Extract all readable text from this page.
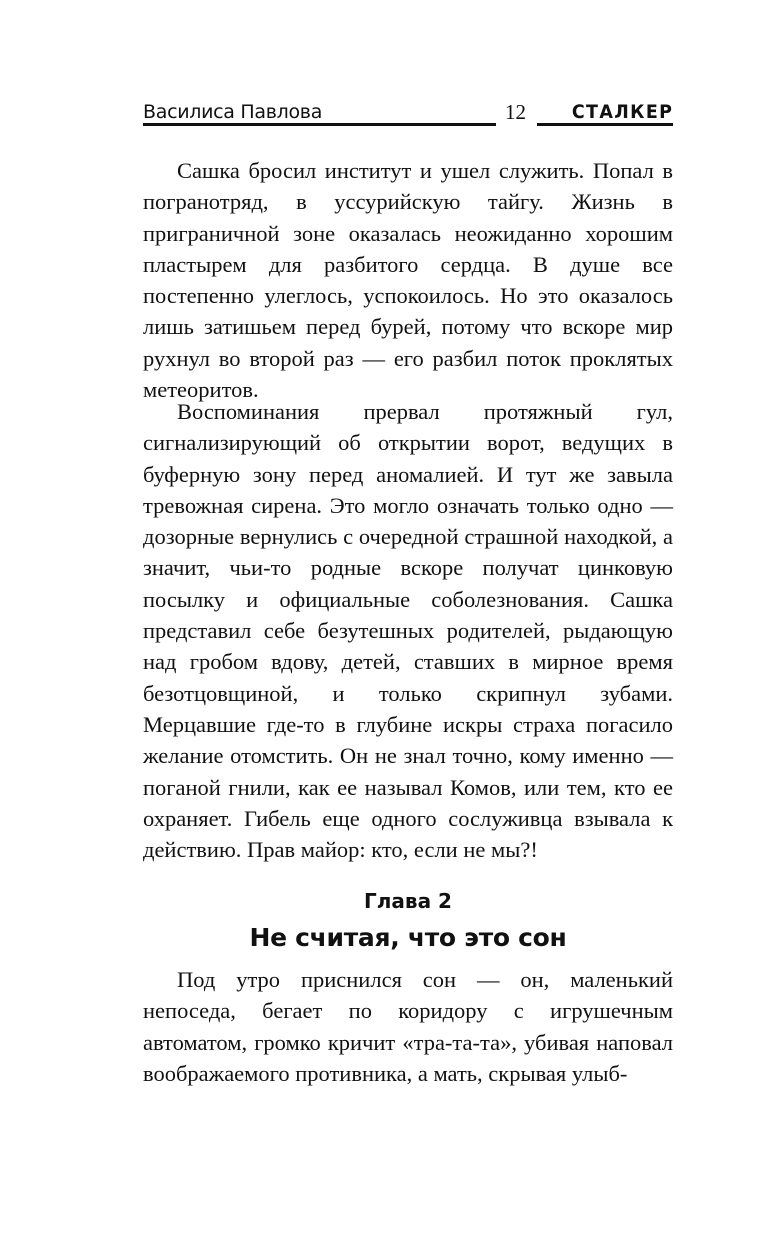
Василиса Павлова	12 СТАЛКЕР

Сашка бросил институт и ушел служить. Попал в погранотряд, в уссурийскую тайгу. Жизнь в приграничной зоне оказалась неожиданно хорошим пластырем для разбитого сердца. В душе все постепенно улеглось, успокоилось. Но это оказалось лишь затишьем перед бурей, потому что вскоре мир рухнул во второй раз — его разбил поток проклятых метеоритов.

Воспоминания прервал протяжный гул, сигнализирующий об открытии ворот, ведущих в буферную зону перед аномалией. И тут же завыла тревожная сирена. Это могло означать только одно — дозорные вернулись с очередной страшной находкой, а значит, чьи-то родные вскоре получат цинковую посылку и официальные соболезнования. Сашка представил себе безутешных родителей, рыдающую над гробом вдову, детей, ставших в мирное время безотцовщиной, и только скрипнул зубами. Мерцавшие где-то в глубине искры страха погасило желание отомстить. Он не знал точно, кому именно — поганой гнили, как ее называл Комов, или тем, кто ее охраняет. Гибель еще одного сослуживца взывала к действию. Прав майор: кто, если не мы?!

Глава 2
Не считая, что это сон

Под утро приснился сон — он, маленький непоседа, бегает по коридору с игрушечным автоматом, громко кричит «тра-та-та», убивая наповал воображаемого противника, а мать, скрывая улыб-
